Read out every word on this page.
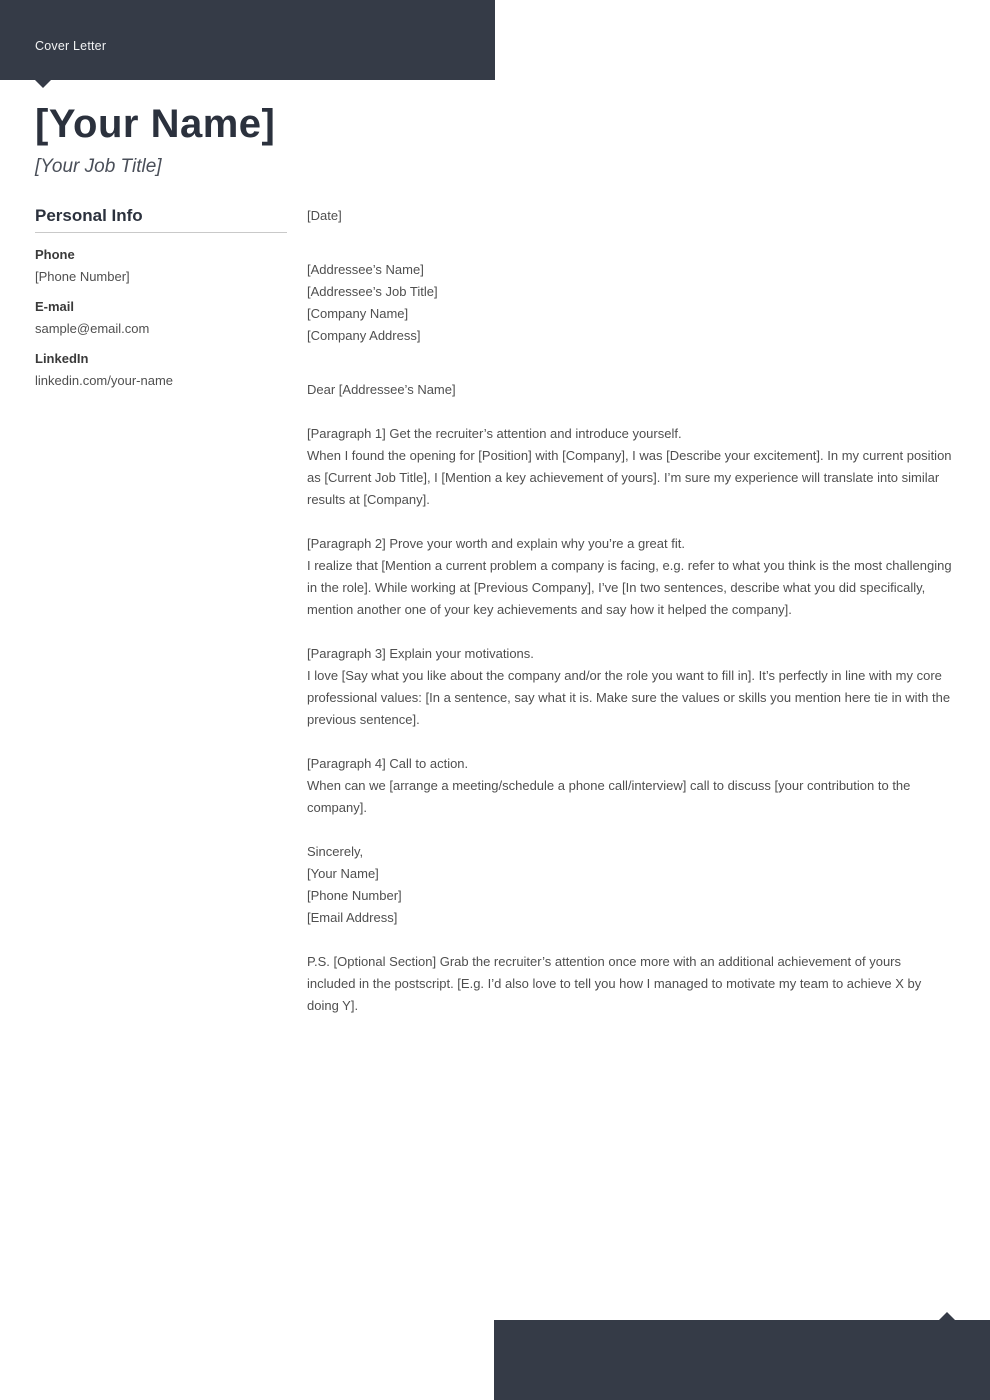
Cover Letter
[Your Name]
[Your Job Title]
Personal Info
Phone
[Phone Number]
E-mail
sample@email.com
LinkedIn
linkedin.com/your-name
[Date]
[Addressee’s Name]
[Addressee’s Job Title]
[Company Name]
[Company Address]
Dear [Addressee’s Name]
[Paragraph 1] Get the recruiter’s attention and introduce yourself.
When I found the opening for [Position] with [Company], I was [Describe your excitement]. In my current position as [Current Job Title], I [Mention a key achievement of yours]. I’m sure my experience will translate into similar results at [Company].
[Paragraph 2] Prove your worth and explain why you’re a great fit.
I realize that [Mention a current problem a company is facing, e.g. refer to what you think is the most challenging in the role]. While working at [Previous Company], I’ve [In two sentences, describe what you did specifically, mention another one of your key achievements and say how it helped the company].
[Paragraph 3] Explain your motivations.
I love [Say what you like about the company and/or the role you want to fill in]. It’s perfectly in line with my core professional values: [In a sentence, say what it is. Make sure the values or skills you mention here tie in with the previous sentence].
[Paragraph 4] Call to action.
When can we [arrange a meeting/schedule a phone call/interview] call to discuss [your contribution to the company].
Sincerely,
[Your Name]
[Phone Number]
[Email Address]
P.S. [Optional Section] Grab the recruiter’s attention once more with an additional achievement of yours included in the postscript. [E.g. I’d also love to tell you how I managed to motivate my team to achieve X by doing Y].
